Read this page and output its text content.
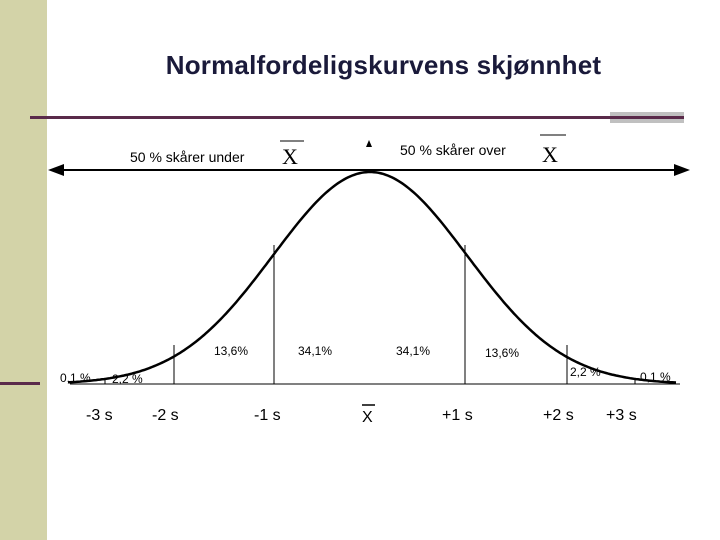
Normalfordeligskurvens skjønnhet
50 % skårer under X	50 % skårer over X
0,1 % 2,2 %
13,6%	34,1%	34,1%	13,6%
2,2 %	0,1 %
-3 s -2 s	-1 s	X	+1 s	+2 s +3 s
